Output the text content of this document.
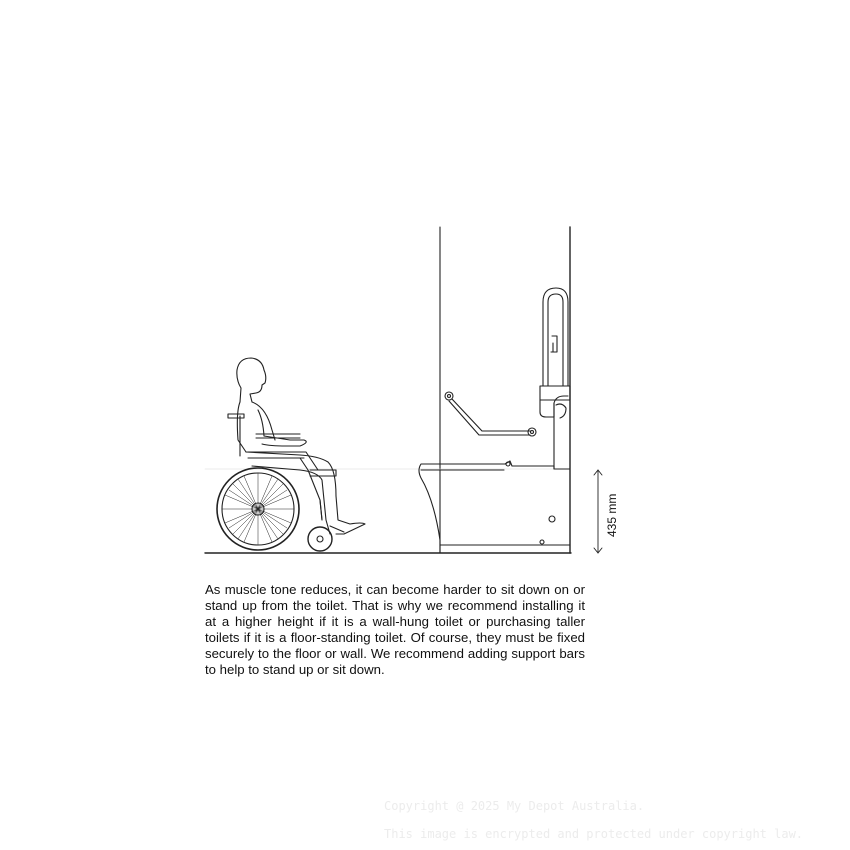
435 mm
As muscle tone reduces, it can become harder to sit down on or stand up from the toilet. That is why we recommend installing it at a higher height if it is a wall-hung toilet or purchasing taller toilets if it is a floor-standing toilet. Of course, they must be fixed securely to the floor or wall. We recommend adding support bars to help to stand up or sit down.
Copyright @ 2025 My Depot Australia.
This image is encrypted and protected under copyright law.
